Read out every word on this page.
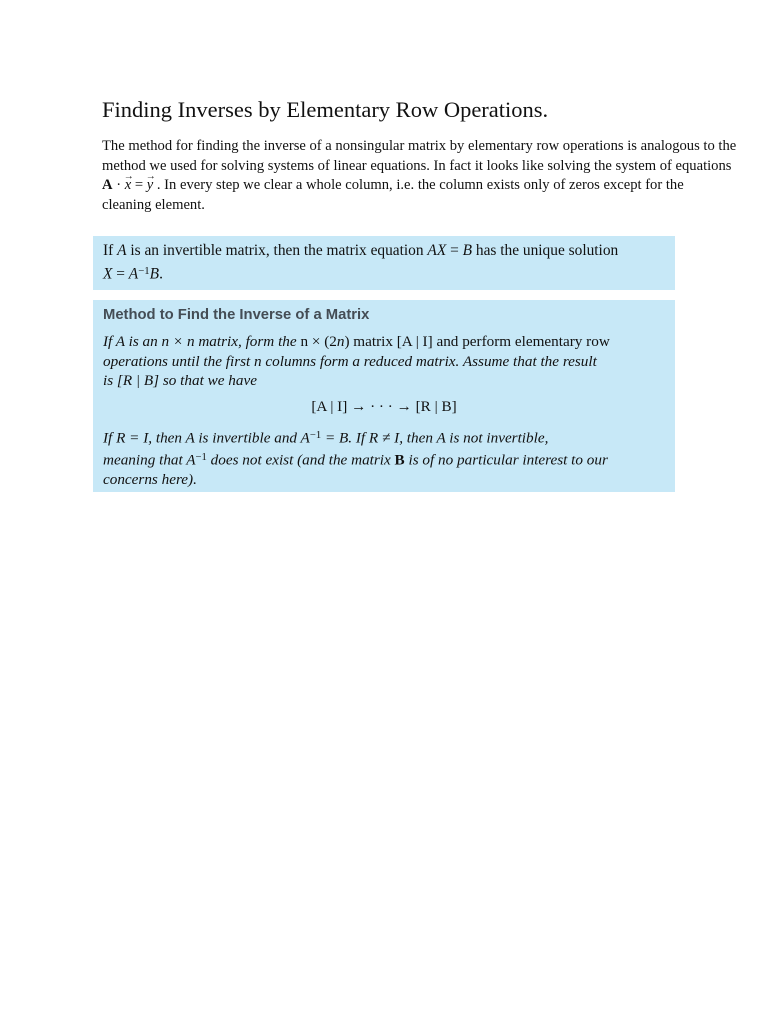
Finding Inverses by Elementary Row Operations.

The method for finding the inverse of a nonsingular matrix by elementary row operations is analogous to the
method we used for solving systems of linear equations. In fact it looks like solving the system of equations
A · → x = → y . In every step we clear a whole column, i.e. the column exists only of zeros except for the
cleaning element.

If A is an invertible matrix, then the matrix equation AX = B has the unique solution
$X = A^{-1}B$.
Method to Find the Inverse of a Matrix
If A is an n × n matrix, form the n × (2n) matrix [A | I] and perform elementary row
operations until the first n columns form a reduced matrix. Assume that the result
is [R | B] so that we have
[A | I] → · · · → [R | B]
If R = I, then A is invertible and $A^{-1} = B$. If R ≠ I, then A is not invertible,
meaning that $A^{-1}$ does not exist (and the matrix B is of no particular interest to our
concerns here).
